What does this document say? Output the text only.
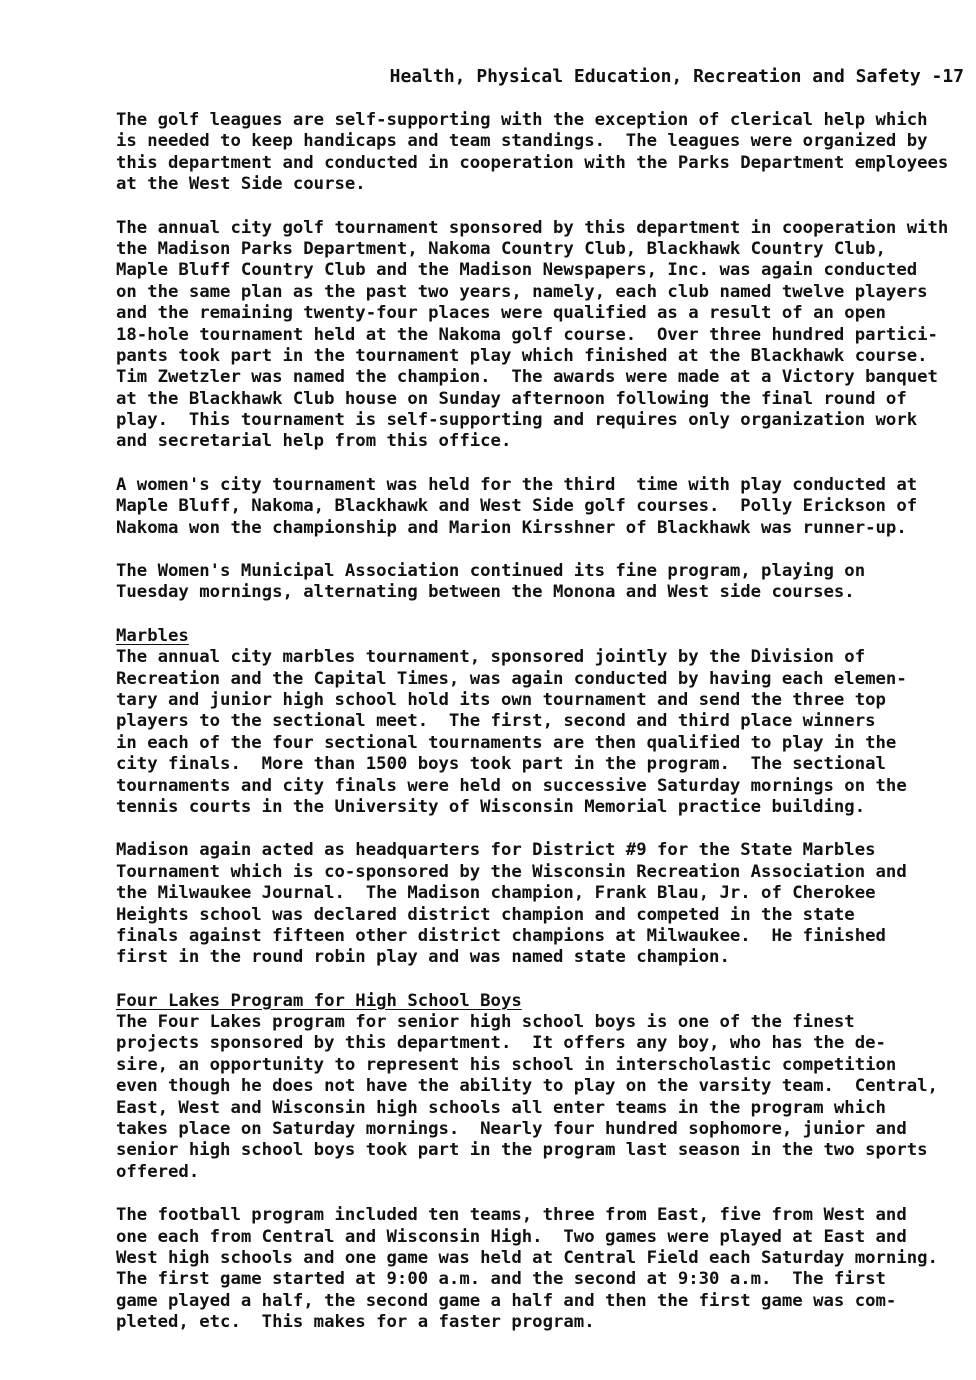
Health, Physical Education, Recreation and Safety -17
The golf leagues are self-supporting with the exception of clerical help which
is needed to keep handicaps and team standings.  The leagues were organized by
this department and conducted in cooperation with the Parks Department employees
at the West Side course.
The annual city golf tournament sponsored by this department in cooperation with
the Madison Parks Department, Nakoma Country Club, Blackhawk Country Club,
Maple Bluff Country Club and the Madison Newspapers, Inc. was again conducted
on the same plan as the past two years, namely, each club named twelve players
and the remaining twenty-four places were qualified as a result of an open
18-hole tournament held at the Nakoma golf course.  Over three hundred partici-
pants took part in the tournament play which finished at the Blackhawk course.
Tim Zwetzler was named the champion.  The awards were made at a Victory banquet
at the Blackhawk Club house on Sunday afternoon following the final round of
play.  This tournament is self-supporting and requires only organization work
and secretarial help from this office.
A women's city tournament was held for the third  time with play conducted at
Maple Bluff, Nakoma, Blackhawk and West Side golf courses.  Polly Erickson of
Nakoma won the championship and Marion Kirsshner of Blackhawk was runner-up.
The Women's Municipal Association continued its fine program, playing on
Tuesday mornings, alternating between the Monona and West side courses.
Marbles
The annual city marbles tournament, sponsored jointly by the Division of
Recreation and the Capital Times, was again conducted by having each elemen-
tary and junior high school hold its own tournament and send the three top
players to the sectional meet.  The first, second and third place winners
in each of the four sectional tournaments are then qualified to play in the
city finals.  More than 1500 boys took part in the program.  The sectional
tournaments and city finals were held on successive Saturday mornings on the
tennis courts in the University of Wisconsin Memorial practice building.
Madison again acted as headquarters for District #9 for the State Marbles
Tournament which is co-sponsored by the Wisconsin Recreation Association and
the Milwaukee Journal.  The Madison champion, Frank Blau, Jr. of Cherokee
Heights school was declared district champion and competed in the state
finals against fifteen other district champions at Milwaukee.  He finished
first in the round robin play and was named state champion.
Four Lakes Program for High School Boys
The Four Lakes program for senior high school boys is one of the finest
projects sponsored by this department.  It offers any boy, who has the de-
sire, an opportunity to represent his school in interscholastic competition
even though he does not have the ability to play on the varsity team.  Central,
East, West and Wisconsin high schools all enter teams in the program which
takes place on Saturday mornings.  Nearly four hundred sophomore, junior and
senior high school boys took part in the program last season in the two sports
offered.
The football program included ten teams, three from East, five from West and
one each from Central and Wisconsin High.  Two games were played at East and
West high schools and one game was held at Central Field each Saturday morning.
The first game started at 9:00 a.m. and the second at 9:30 a.m.  The first
game played a half, the second game a half and then the first game was com-
pleted, etc.  This makes for a faster program.
